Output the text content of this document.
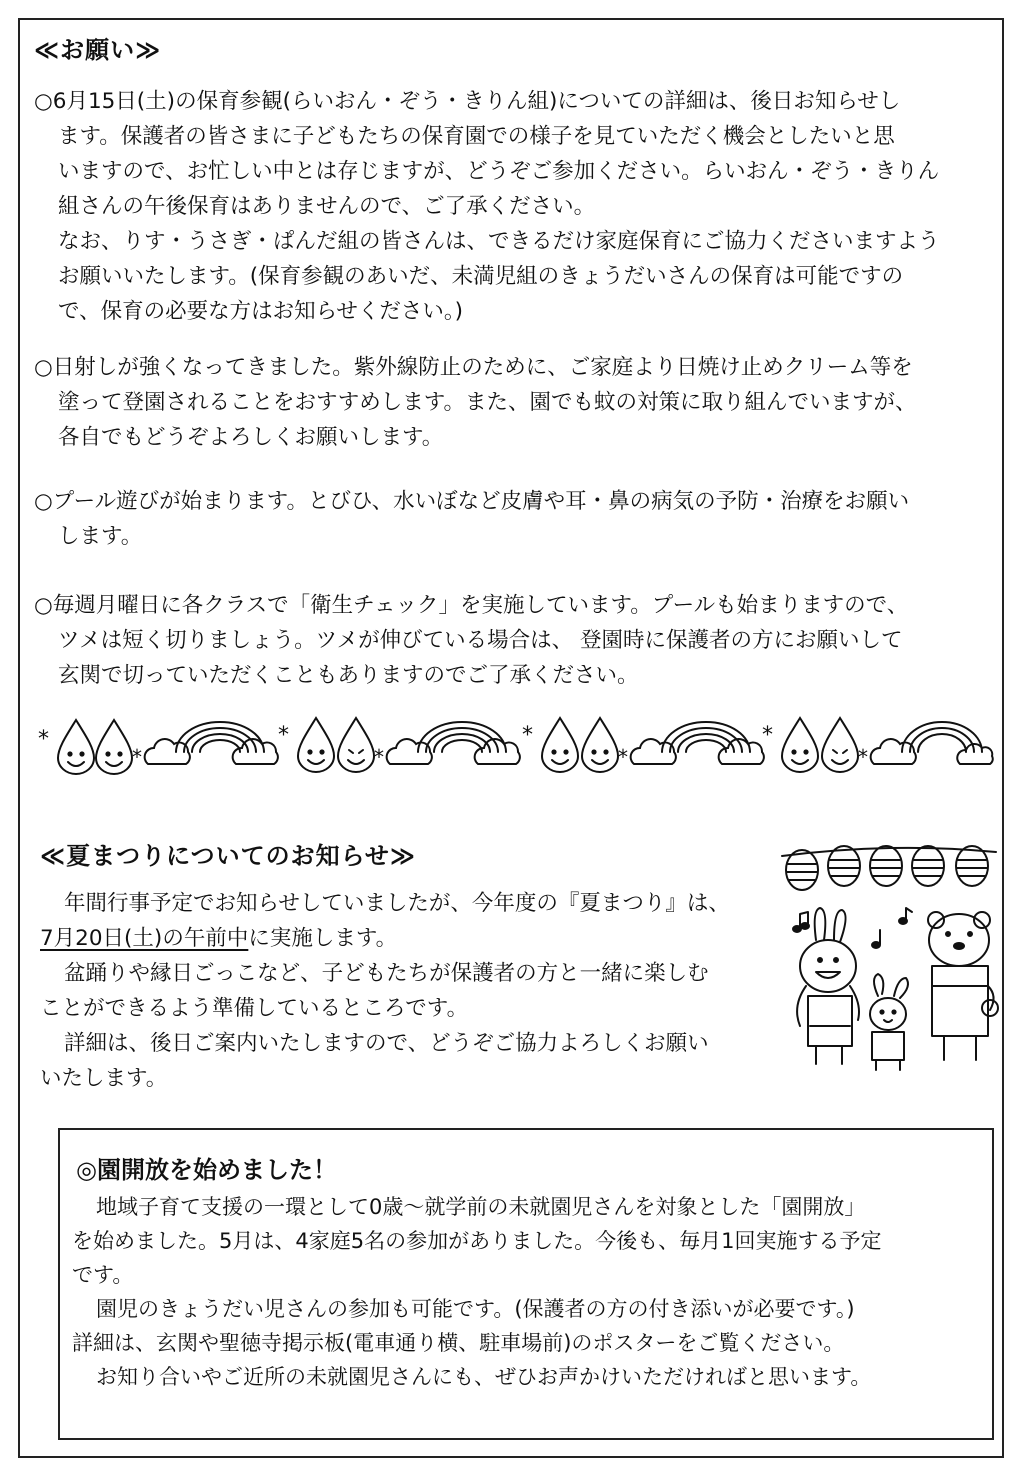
≪お願い≫
○6月15日(土)の保育参観(らいおん・ぞう・きりん組)についての詳細は、後日お知らせし
ます。保護者の皆さまに子どもたちの保育園での様子を見ていただく機会としたいと思
いますので、お忙しい中とは存じますが、どうぞご参加ください。らいおん・ぞう・きりん
組さんの午後保育はありませんので、ご了承ください。
なお、りす・うさぎ・ぱんだ組の皆さんは、できるだけ家庭保育にご協力くださいますよう
お願いいたします。(保育参観のあいだ、未満児組のきょうだいさんの保育は可能ですの
で、保育の必要な方はお知らせください。)
○日射しが強くなってきました。紫外線防止のために、ご家庭より日焼け止めクリーム等を
塗って登園されることをおすすめします。また、園でも蚊の対策に取り組んでいますが、
各自でもどうぞよろしくお願いします。
○プール遊びが始まります。とびひ、水いぼなど皮膚や耳・鼻の病気の予防・治療をお願い
します。
○毎週月曜日に各クラスで「衛生チェック」を実施しています。プールも始まりますので、
ツメは短く切りましょう。ツメが伸びている場合は、 登園時に保護者の方にお願いして
玄関で切っていただくこともありますのでご了承ください。
*
*
*
*
*
*
*
*
≪夏まつりについてのお知らせ≫
年間行事予定でお知らせしていましたが、今年度の『夏まつり』は、
7月20日(土)の午前中に実施します。
盆踊りや縁日ごっこなど、子どもたちが保護者の方と一緒に楽しむ
ことができるよう準備しているところです。
詳細は、後日ご案内いたしますので、どうぞご協力よろしくお願い
いたします。
◎園開放を始めました！
地域子育て支援の一環として0歳～就学前の未就園児さんを対象とした「園開放」
を始めました。5月は、4家庭5名の参加がありました。今後も、毎月1回実施する予定
です。
園児のきょうだい児さんの参加も可能です。(保護者の方の付き添いが必要です。)
詳細は、玄関や聖徳寺掲示板(電車通り横、駐車場前)のポスターをご覧ください。
お知り合いやご近所の未就園児さんにも、ぜひお声かけいただければと思います。
